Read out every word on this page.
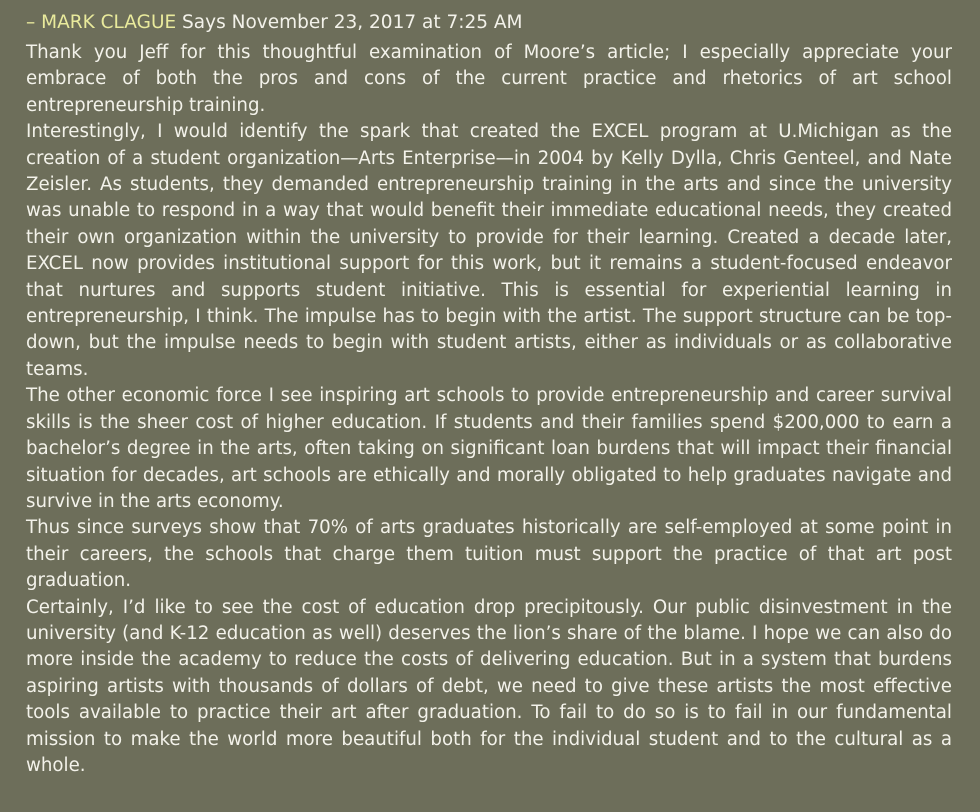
– MARK CLAGUE Says November 23, 2017 at 7:25 AM

Thank you Jeff for this thoughtful examination of Moore’s article; I especially appreciate your embrace of both the pros and cons of the current practice and rhetorics of art school entrepreneurship training.

Interestingly, I would identify the spark that created the EXCEL program at U.Michigan as the creation of a student organization—Arts Enterprise—in 2004 by Kelly Dylla, Chris Genteel, and Nate Zeisler. As students, they demanded entrepreneurship training in the arts and since the university was unable to respond in a way that would benefit their immediate educational needs, they created their own organization within the university to provide for their learning. Created a decade later, EXCEL now provides institutional support for this work, but it remains a student-focused endeavor that nurtures and supports student initiative. This is essential for experiential learning in entrepreneurship, I think. The impulse has to begin with the artist. The support structure can be top-down, but the impulse needs to begin with student artists, either as individuals or as collaborative teams.

The other economic force I see inspiring art schools to provide entrepreneurship and career survival skills is the sheer cost of higher education. If students and their families spend $200,000 to earn a bachelor’s degree in the arts, often taking on significant loan burdens that will impact their financial situation for decades, art schools are ethically and morally obligated to help graduates navigate and survive in the arts economy.

Thus since surveys show that 70% of arts graduates historically are self-employed at some point in their careers, the schools that charge them tuition must support the practice of that art post graduation.

Certainly, I’d like to see the cost of education drop precipitously. Our public disinvestment in the university (and K-12 education as well) deserves the lion’s share of the blame. I hope we can also do more inside the academy to reduce the costs of delivering education. But in a system that burdens aspiring artists with thousands of dollars of debt, we need to give these artists the most effective tools available to practice their art after graduation. To fail to do so is to fail in our fundamental mission to make the world more beautiful both for the individual student and to the cultural as a whole.
